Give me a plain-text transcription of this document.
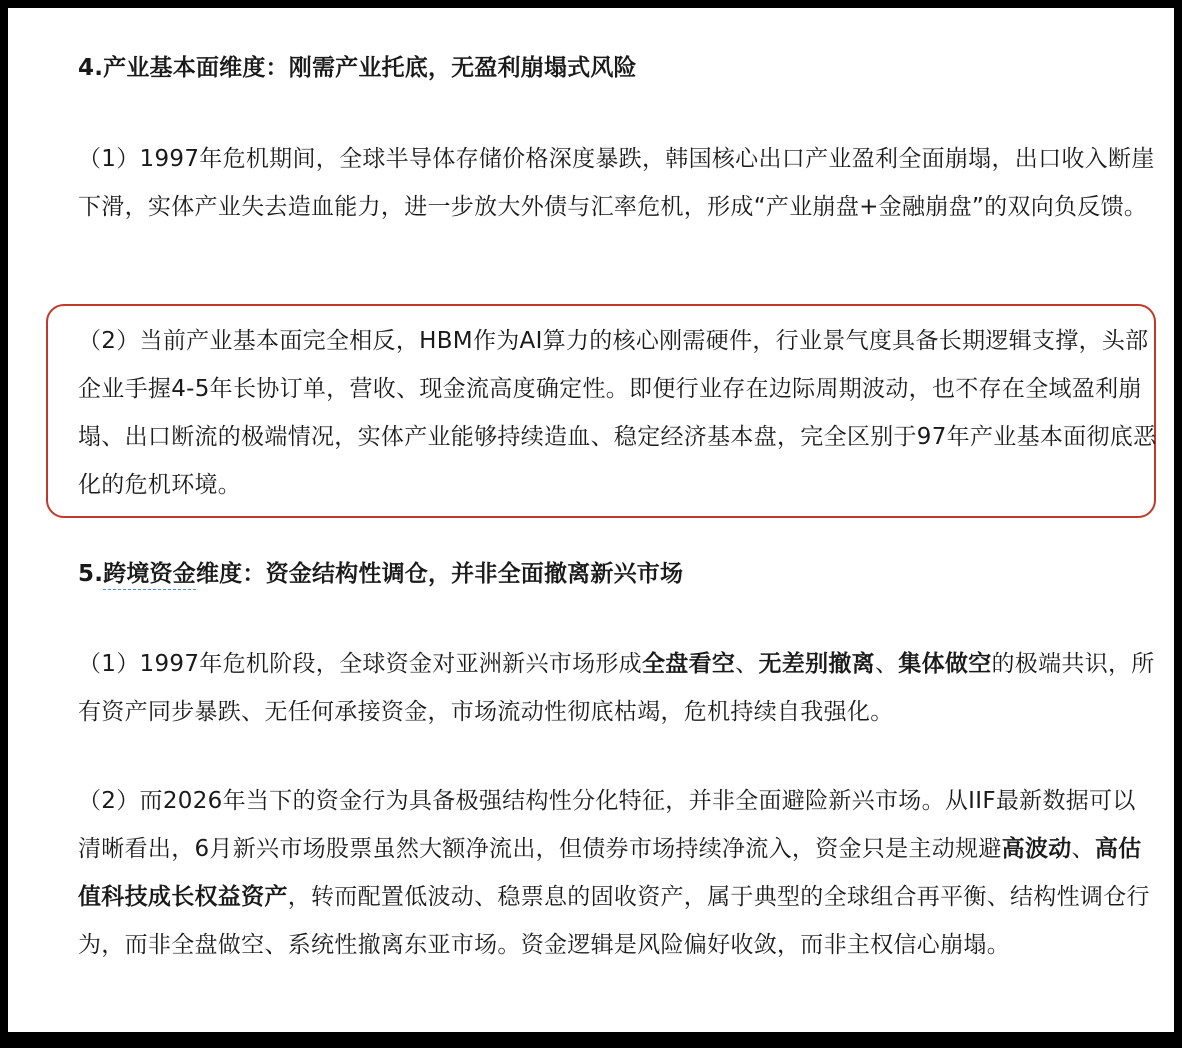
4.产业基本面维度：刚需产业托底，无盈利崩塌式风险

（1）1997年危机期间，全球半导体存储价格深度暴跌，韩国核心出口产业盈利全面崩塌，出口收入断崖下滑，实体产业失去造血能力，进一步放大外债与汇率危机，形成“产业崩盘+金融崩盘”的双向负反馈。

（2）当前产业基本面完全相反，HBM作为AI算力的核心刚需硬件，行业景气度具备长期逻辑支撑，头部企业手握4-5年长协订单，营收、现金流高度确定性。即便行业存在边际周期波动，也不存在全域盈利崩塌、出口断流的极端情况，实体产业能够持续造血、稳定经济基本盘，完全区别于97年产业基本面彻底恶化的危机环境。

5.跨境资金维度：资金结构性调仓，并非全面撤离新兴市场

（1）1997年危机阶段，全球资金对亚洲新兴市场形成全盘看空、无差别撤离、集体做空的极端共识，所有资产同步暴跌、无任何承接资金，市场流动性彻底枯竭，危机持续自我强化。

（2）而2026年当下的资金行为具备极强结构性分化特征，并非全面避险新兴市场。从IIF最新数据可以清晰看出，6月新兴市场股票虽然大额净流出，但债券市场持续净流入，资金只是主动规避高波动、高估值科技成长权益资产，转而配置低波动、稳票息的固收资产，属于典型的全球组合再平衡、结构性调仓行为，而非全盘做空、系统性撤离东亚市场。资金逻辑是风险偏好收敛，而非主权信心崩塌。
